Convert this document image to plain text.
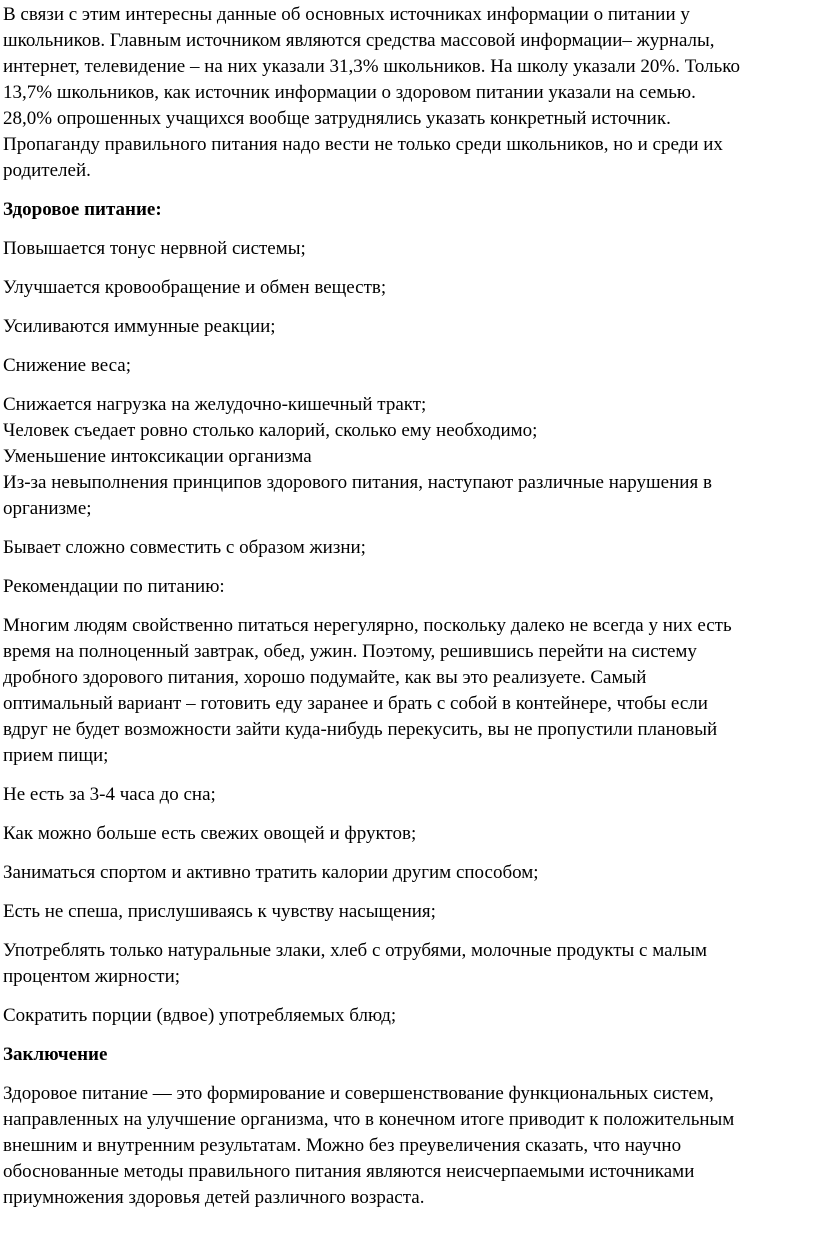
В связи с этим интересны данные об основных источниках информации о питании у
школьников. Главным источником являются средства массовой информации– журналы,
интернет, телевидение – на них указали 31,3% школьников. На школу указали 20%. Только
13,7% школьников, как источник информации о здоровом питании указали на семью.
28,0% опрошенных учащихся вообще затруднялись указать конкретный источник.
Пропаганду правильного питания надо вести не только среди школьников, но и среди их
родителей.

Здоровое питание:

Повышается тонус нервной системы;

Улучшается кровообращение и обмен веществ;

Усиливаются иммунные реакции;

Снижение веса;

Снижается нагрузка на желудочно-кишечный тракт;

Человек съедает ровно столько калорий, сколько ему необходимо;

Уменьшение интоксикации организма

Из-за невыполнения принципов здорового питания, наступают различные нарушения в
организме;

Бывает сложно совместить с образом жизни;

Рекомендации по питанию:

Многим людям свойственно питаться нерегулярно, поскольку далеко не всегда у них есть
время на полноценный завтрак, обед, ужин. Поэтому, решившись перейти на систему
дробного здорового питания, хорошо подумайте, как вы это реализуете. Самый
оптимальный вариант – готовить еду заранее и брать с собой в контейнере, чтобы если
вдруг не будет возможности зайти куда-нибудь перекусить, вы не пропустили плановый
прием пищи;

Не есть за 3-4 часа до сна;

Как можно больше есть свежих овощей и фруктов;

Заниматься спортом и активно тратить калории другим способом;

Есть не спеша, прислушиваясь к чувству насыщения;

Употреблять только натуральные злаки, хлеб с отрубями, молочные продукты с малым
процентом жирности;

Сократить порции (вдвое) употребляемых блюд;

Заключение

Здоровое питание — это формирование и совершенствование функциональных систем,
направленных на улучшение организма, что в конечном итоге приводит к положительным
внешним и внутренним результатам. Можно без преувеличения сказать, что научно
обоснованные методы правильного питания являются неисчерпаемыми источниками
приумножения здоровья детей различного возраста.
